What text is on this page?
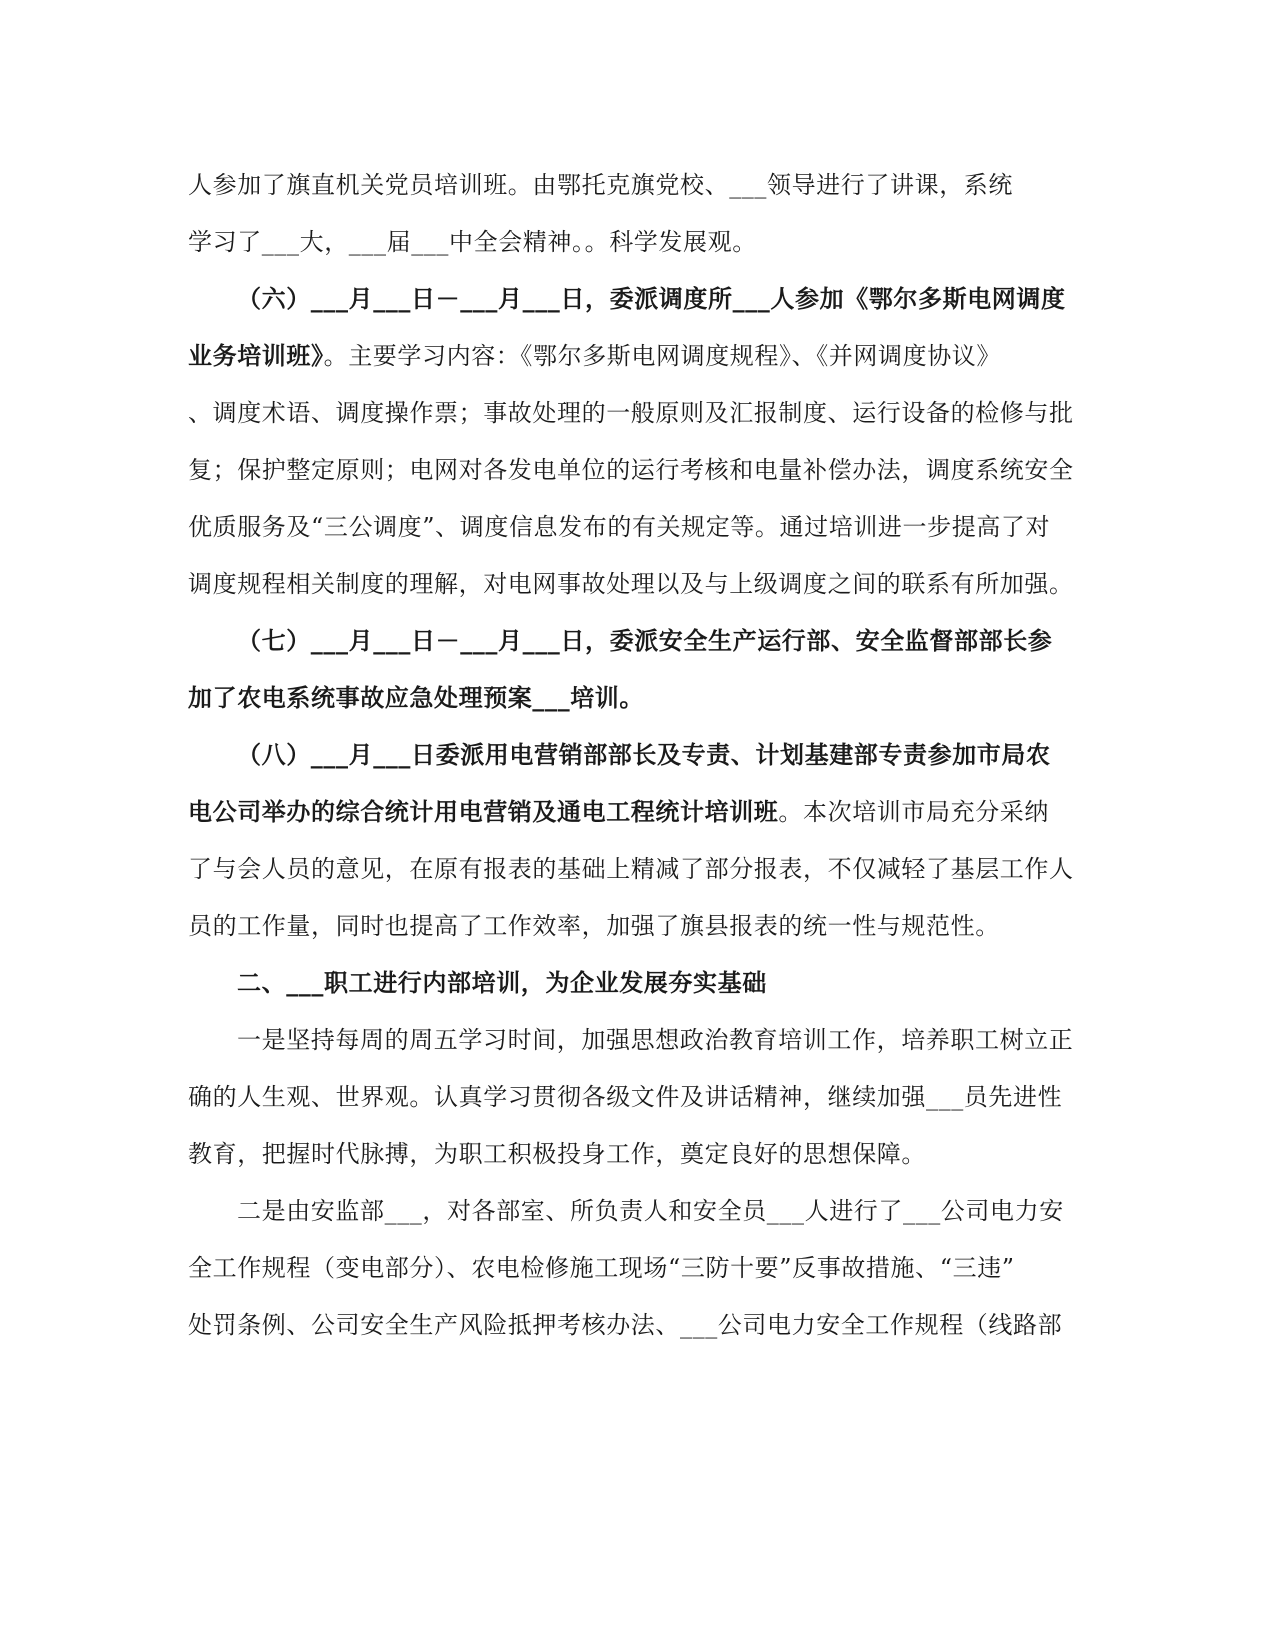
人参加了旗直机关党员培训班。由鄂托克旗党校、___领导进行了讲课，系统
学习了___大，___届___中全会精神。。科学发展观。
（六）___月___日－___月___日，委派调度所___人参加《鄂尔多斯电网调度
业务培训班》。主要学习内容：《鄂尔多斯电网调度规程》、《并网调度协议》
、调度术语、调度操作票；事故处理的一般原则及汇报制度、运行设备的检修与批
复；保护整定原则；电网对各发电单位的运行考核和电量补偿办法，调度系统安全
优质服务及“三公调度”、调度信息发布的有关规定等。通过培训进一步提高了对
调度规程相关制度的理解，对电网事故处理以及与上级调度之间的联系有所加强。
（七）___月___日－___月___日，委派安全生产运行部、安全监督部部长参
加了农电系统事故应急处理预案___培训。
（八）___月___日委派用电营销部部长及专责、计划基建部专责参加市局农
电公司举办的综合统计用电营销及通电工程统计培训班。本次培训市局充分采纳
了与会人员的意见，在原有报表的基础上精减了部分报表，不仅减轻了基层工作人
员的工作量，同时也提高了工作效率，加强了旗县报表的统一性与规范性。
二、___职工进行内部培训，为企业发展夯实基础
一是坚持每周的周五学习时间，加强思想政治教育培训工作，培养职工树立正
确的人生观、世界观。认真学习贯彻各级文件及讲话精神，继续加强___员先进性
教育，把握时代脉搏，为职工积极投身工作，奠定良好的思想保障。
二是由安监部___，对各部室、所负责人和安全员___人进行了___公司电力安
全工作规程（变电部分）、农电检修施工现场“三防十要”反事故措施、“三违”
处罚条例、公司安全生产风险抵押考核办法、___公司电力安全工作规程（线路部
